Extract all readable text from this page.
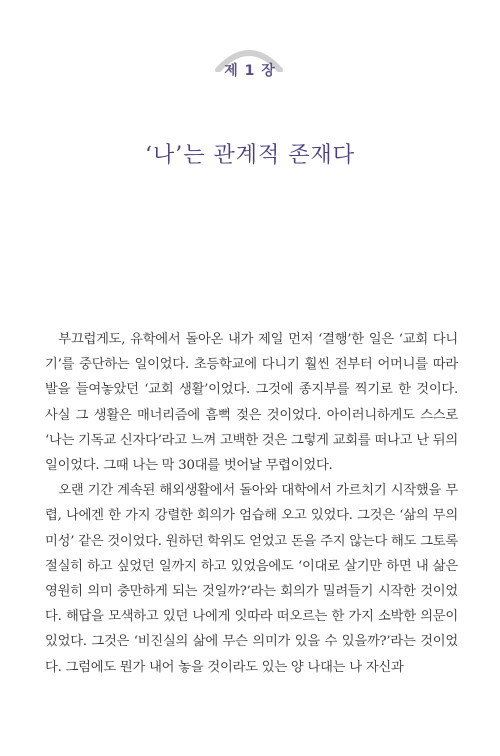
제 1 장
‘나’는 관계적 존재다

부끄럽게도, 유학에서 돌아온 내가 제일 먼저 ‘결행’한 일은 ‘교회 다니기’를 중단하는 일이었다. 초등학교에 다니기 훨씬 전부터 어머니를 따라 발을 들여놓았던 ‘교회 생활’이었다. 그것에 종지부를 찍기로 한 것이다. 사실 그 생활은 매너리즘에 흠뻑 젖은 것이었다. 아이러니하게도 스스로 ‘나는 기독교 신자다’라고 느껴 고백한 것은 그렇게 교회를 떠나고 난 뒤의 일이었다. 그때 나는 막 30대를 벗어날 무렵이었다.

오랜 기간 계속된 해외생활에서 돌아와 대학에서 가르치기 시작했을 무렵, 나에겐 한 가지 강렬한 회의가 엄습해 오고 있었다. 그것은 ‘삶의 무의미성’ 같은 것이었다. 원하던 학위도 얻었고 돈을 주지 않는다 해도 그토록 절실히 하고 싶었던 일까지 하고 있었음에도 ‘이대로 살기만 하면 내 삶은 영원히 의미 충만하게 되는 것일까?’라는 회의가 밀려들기 시작한 것이었다. 해답을 모색하고 있던 나에게 잇따라 떠오르는 한 가지 소박한 의문이 있었다. 그것은 ‘비진실의 삶에 무슨 의미가 있을 수 있을까?’라는 것이었다. 그럼에도 뭔가 내어 놓을 것이라도 있는 양 나대는 나 자신과
